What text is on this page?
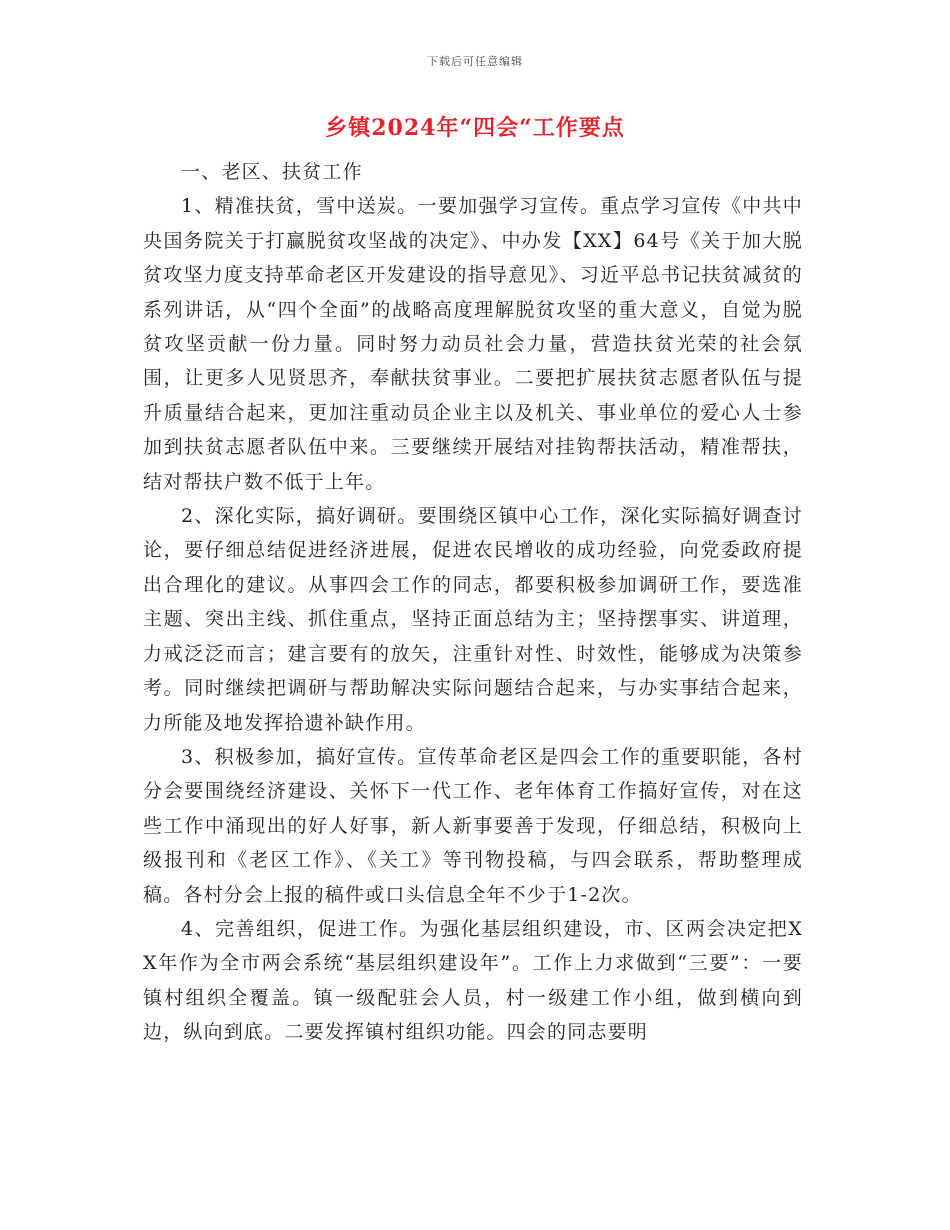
下载后可任意编辑
乡镇2024年“四会“工作要点

一、老区、扶贫工作

1、精准扶贫，雪中送炭。一要加强学习宣传。重点学习宣传《中共中央国务院关于打赢脱贫攻坚战的决定》、中办发【XX】64号《关于加大脱贫攻坚力度支持革命老区开发建设的指导意见》、习近平总书记扶贫减贫的系列讲话，从“四个全面”的战略高度理解脱贫攻坚的重大意义，自觉为脱贫攻坚贡献一份力量。同时努力动员社会力量，营造扶贫光荣的社会氛围，让更多人见贤思齐，奉献扶贫事业。二要把扩展扶贫志愿者队伍与提升质量结合起来，更加注重动员企业主以及机关、事业单位的爱心人士参加到扶贫志愿者队伍中来。三要继续开展结对挂钩帮扶活动，精准帮扶，结对帮扶户数不低于上年。

2、深化实际，搞好调研。要围绕区镇中心工作，深化实际搞好调查讨论，要仔细总结促进经济进展，促进农民增收的成功经验，向党委政府提出合理化的建议。从事四会工作的同志，都要积极参加调研工作，要选准主题、突出主线、抓住重点，坚持正面总结为主；坚持摆事实、讲道理，力戒泛泛而言；建言要有的放矢，注重针对性、时效性，能够成为决策参考。同时继续把调研与帮助解决实际问题结合起来，与办实事结合起来，力所能及地发挥拾遗补缺作用。

3、积极参加，搞好宣传。宣传革命老区是四会工作的重要职能，各村分会要围绕经济建设、关怀下一代工作、老年体育工作搞好宣传，对在这些工作中涌现出的好人好事，新人新事要善于发现，仔细总结，积极向上级报刊和《老区工作》、《关工》等刊物投稿，与四会联系，帮助整理成稿。各村分会上报的稿件或口头信息全年不少于1-2次。

4、完善组织，促进工作。为强化基层组织建设，市、区两会决定把XX年作为全市两会系统“基层组织建设年”。工作上力求做到“三要”：一要镇村组织全覆盖。镇一级配驻会人员，村一级建工作小组，做到横向到边，纵向到底。二要发挥镇村组织功能。四会的同志要明
